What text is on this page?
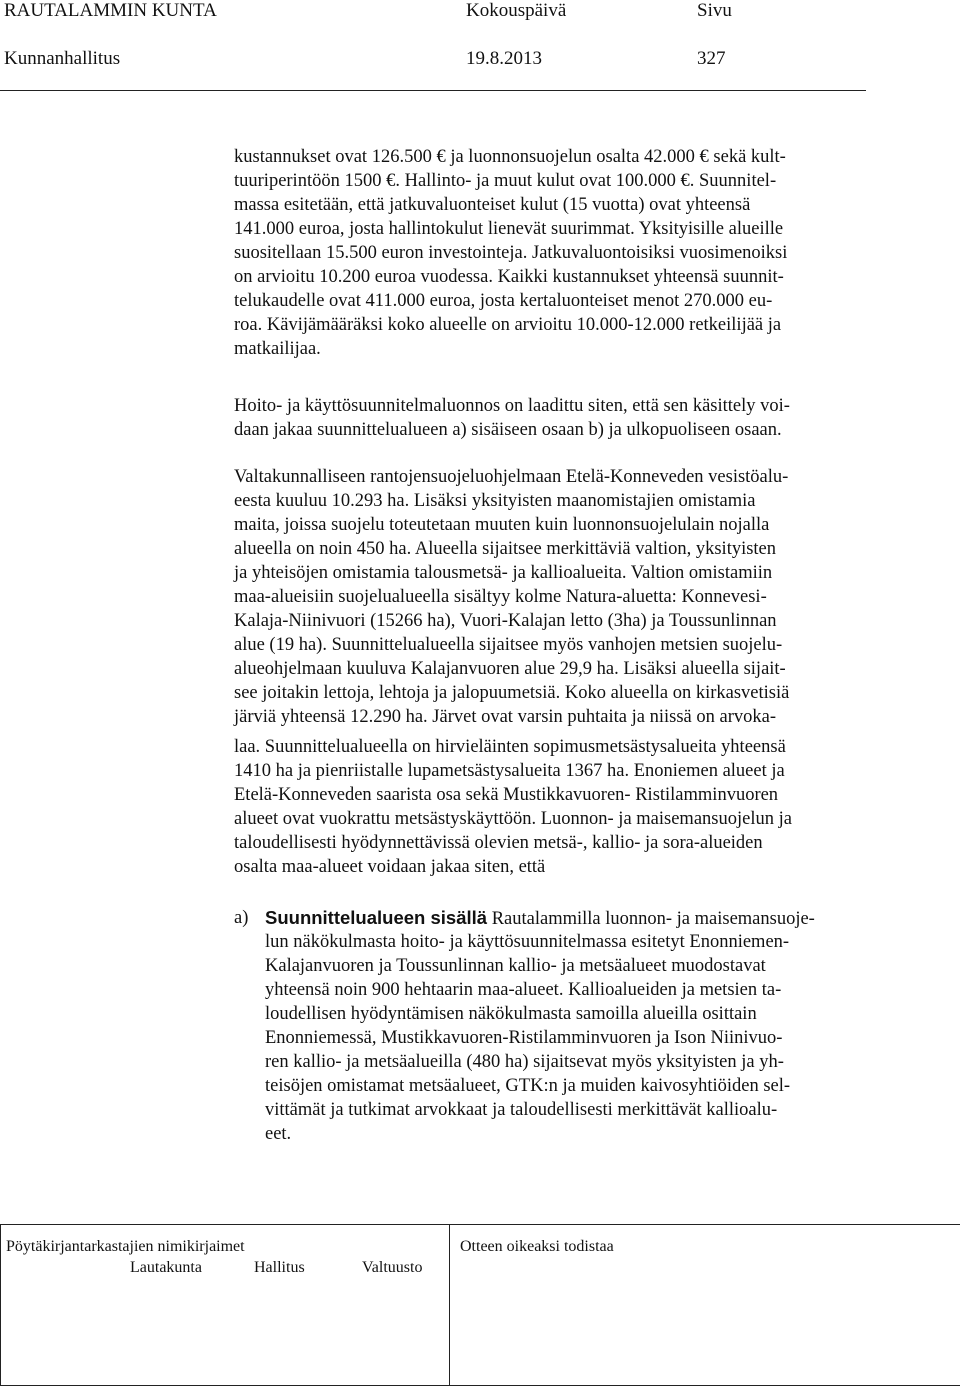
RAUTALAMMIN KUNTA	Kokouspäivä	Sivu
Kunnanhallitus	19.8.2013	327
kustannukset ovat 126.500 € ja luonnonsuojelun osalta 42.000 € sekä kult-
tuuriperintöön 1500 €. Hallinto- ja muut kulut ovat 100.000 €. Suunnitel-
massa esitetään, että jatkuvaluonteiset kulut (15 vuotta) ovat yhteensä
141.000 euroa, josta hallintokulut lienevät suurimmat. Yksityisille alueille
suositellaan 15.500 euron investointeja. Jatkuvaluontoisiksi vuosimenoiksi
on arvioitu 10.200 euroa vuodessa. Kaikki kustannukset yhteensä suunnit-
telukaudelle ovat 411.000 euroa, josta kertaluonteiset menot 270.000 eu-
roa. Kävijämääräksi koko alueelle on arvioitu 10.000-12.000 retkeilijää ja
matkailijaa.
Hoito- ja käyttösuunnitelmaluonnos on laadittu siten, että sen käsittely voi-
daan jakaa suunnittelualueen a) sisäiseen osaan b) ja ulkopuoliseen osaan.
Valtakunnalliseen rantojensuojeluohjelmaan Etelä-Konneveden vesistöalu-
eesta kuuluu 10.293 ha. Lisäksi yksityisten maanomistajien omistamia
maita, joissa suojelu toteutetaan muuten kuin luonnonsuojelulain nojalla
alueella on noin 450 ha. Alueella sijaitsee merkittäviä valtion, yksityisten
ja yhteisöjen omistamia talousmetsä- ja kallioalueita. Valtion omistamiin
maa-alueisiin suojelualueella sisältyy kolme Natura-aluetta: Konnevesi-
Kalaja-Niinivuori (15266 ha), Vuori-Kalajan letto (3ha) ja Toussunlinnan
alue (19 ha). Suunnittelualueella sijaitsee myös vanhojen metsien suojelu-
alueohjelmaan kuuluva Kalajanvuoren alue 29,9 ha. Lisäksi alueella sijait-
see joitakin lettoja, lehtoja ja jalopuumetsiä. Koko alueella on kirkasvetisiä
järviä yhteensä 12.290 ha. Järvet ovat varsin puhtaita ja niissä on arvoka-
laa. Suunnittelualueella on hirvieläinten sopimusmetsästysalueita yhteensä
1410 ha ja pienriistalle lupametsästysalueita 1367 ha. Enoniemen alueet ja
Etelä-Konneveden saarista osa sekä Mustikkavuoren- Ristilamminvuoren
alueet ovat vuokrattu metsästyskäyttöön. Luonnon- ja maisemansuojelun ja
taloudellisesti hyödynnettävissä olevien metsä-, kallio- ja sora-alueiden
osalta maa-alueet voidaan jakaa siten, että
a) Suunnittelualueen sisällä Rautalammilla luonnon- ja maisemansuoje-
lun näkökulmasta hoito- ja käyttösuunnitelmassa esitetyt Enonniemen-
Kalajanvuoren ja Toussunlinnan kallio- ja metsäalueet muodostavat
yhteensä noin 900 hehtaarin maa-alueet. Kallioalueiden ja metsien ta-
loudellisen hyödyntämisen näkökulmasta samoilla alueilla osittain
Enonniemessä, Mustikkavuoren-Ristilamminvuoren ja Ison Niinivuo-
ren kallio- ja metsäalueilla (480 ha) sijaitsevat myös yksityisten ja yh-
teisöjen omistamat metsäalueet, GTK:n ja muiden kaivosyhtiöiden sel-
vittämät ja tutkimat arvokkaat ja taloudellisesti merkittävät kallioalu-
eet.
Pöytäkirjantarkastajien nimikirjaimet
Lautakunta	Hallitus	Valtuusto
Otteen oikeaksi todistaa
